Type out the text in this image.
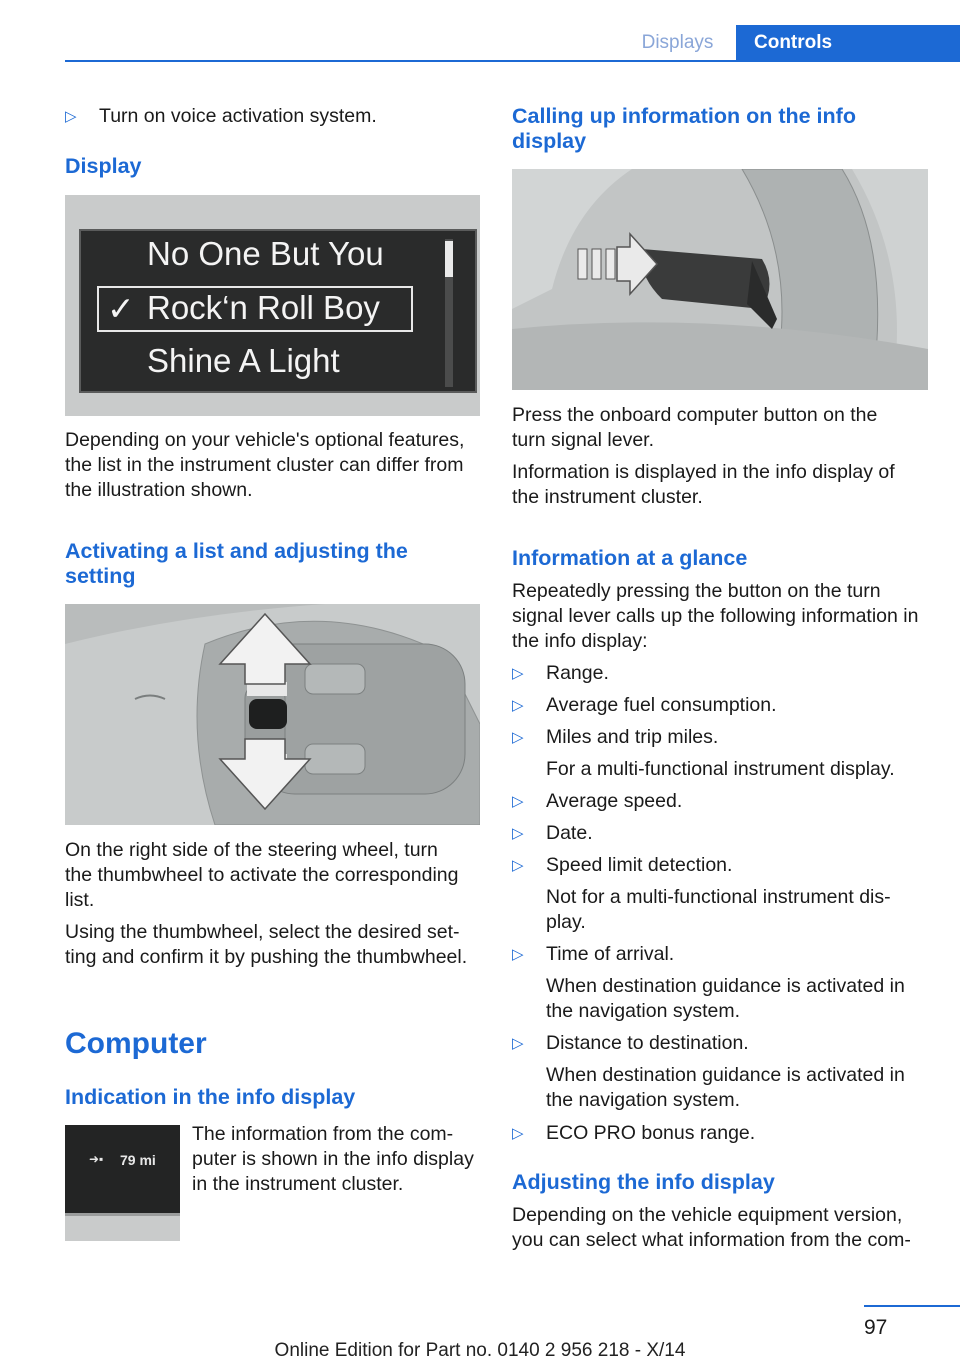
Displays	Controls
▷ Turn on voice activation system.
Display
No One But You
✓ Rock‘n Roll Boy
Shine A Light

Depending on your vehicle's optional features,

the list in the instrument cluster can differ from

the illustration shown.

Activating a list and adjusting the

setting

On the right side of the steering wheel, turn

the thumbwheel to activate the corresponding

list.

Using the thumbwheel, select the desired set‐

ting and confirm it by pushing the thumbwheel.

Computer
Indication in the info display
➜▪ 79 mi

The information from the com‐

puter is shown in the info display

in the instrument cluster.

Calling up information on the info

display

Press the onboard computer button on the

turn signal lever.

Information is displayed in the info display of

the instrument cluster.

Information at a glance

Repeatedly pressing the button on the turn

signal lever calls up the following information in

the info display:

▷ Range.
▷ Average fuel consumption.
▷ Miles and trip miles.
For a multi-functional instrument display.
▷ Average speed.
▷ Date.
▷ Speed limit detection.
Not for a multi-functional instrument dis‐
play.
▷ Time of arrival.
When destination guidance is activated in
the navigation system.
▷ Distance to destination.
When destination guidance is activated in
the navigation system.
▷ ECO PRO bonus range.
Adjusting the info display

Depending on the vehicle equipment version,

you can select what information from the com‐

97
Online Edition for Part no. 0140 2 956 218 - X/14
